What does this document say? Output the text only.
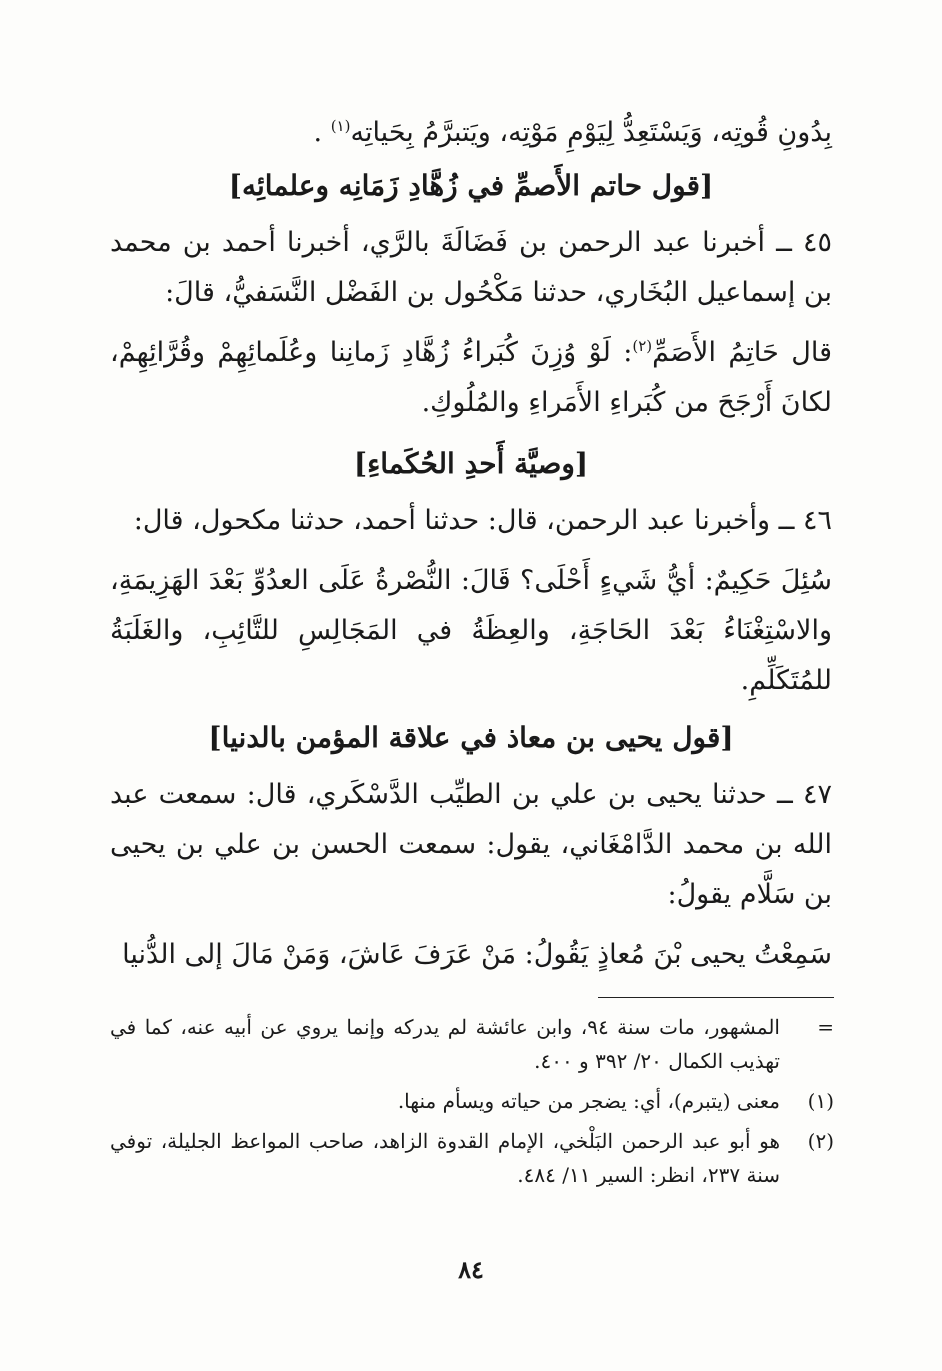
بِدُونِ قُوتِه، وَيَسْتَعِدُّ لِيَوْمِ مَوْتِه، ويَتبرَّمُ بِحَياتِه$^{(١)}$ .

[قول حاتم الأَصمِّ في زُهَّادِ زَمَانِه وعلمائِه]

٤٥ ــ أخبرنا عبد الرحمن بن فَضَالَةَ بالرَّي، أخبرنا أحمد بن محمد بن إسماعيل البُخَاري، حدثنا مَكْحُول بن الفَضْل النَّسَفيُّ، قالَ:

قال حَاتِمُ الأَصَمِّ$^{(٢)}$: لَوْ وُزِنَ كُبَراءُ زُهَّادِ زَمانِنا وعُلَمائِهِمْ وقُرَّائِهِمْ، لكانَ أَرْجَحَ من كُبَراءِ الأَمَراءِ والمُلُوكِ.

[وصيَّة أَحدِ الحُكَماءِ]

٤٦ ــ وأخبرنا عبد الرحمن، قال: حدثنا أحمد، حدثنا مكحول، قال:

سُئِلَ حَكِيمٌ: أيُّ شَيءٍ أَحْلَى؟ قَالَ: النُّصْرةُ عَلَى العدُوِّ بَعْدَ الهَزِيمَةِ، والاسْتِغْنَاءُ بَعْدَ الحَاجَةِ، والعِظَةُ في المَجَالِسِ للتَّائِبِ، والغَلَبَةُ للمُتَكَلِّمِ.

[قول يحيى بن معاذ في علاقة المؤمن بالدنيا]

٤٧ ــ حدثنا يحيى بن علي بن الطيِّب الدَّسْكَري، قال: سمعت عبد الله بن محمد الدَّامْغَاني، يقول: سمعت الحسن بن علي بن يحيى بن سَلَّام يقولُ:

سَمِعْتُ يحيى بْنَ مُعاذٍ يَقُولُ: مَنْ عَرَفَ عَاشَ، وَمَنْ مَالَ إلى الدُّنيا

=
المشهور، مات سنة ٩٤، وابن عائشة لم يدركه وإنما يروي عن أبيه عنه، كما في تهذيب الكمال ٢٠/ ٣٩٢ و ٤٠٠.
(١)
معنى (يتبرم)، أي: يضجر من حياته ويسأم منها.
(٢)
هو أبو عبد الرحمن البَلْخي، الإمام القدوة الزاهد، صاحب المواعظ الجليلة، توفي سنة ٢٣٧، انظر: السير ١١/ ٤٨٤.
٨٤
